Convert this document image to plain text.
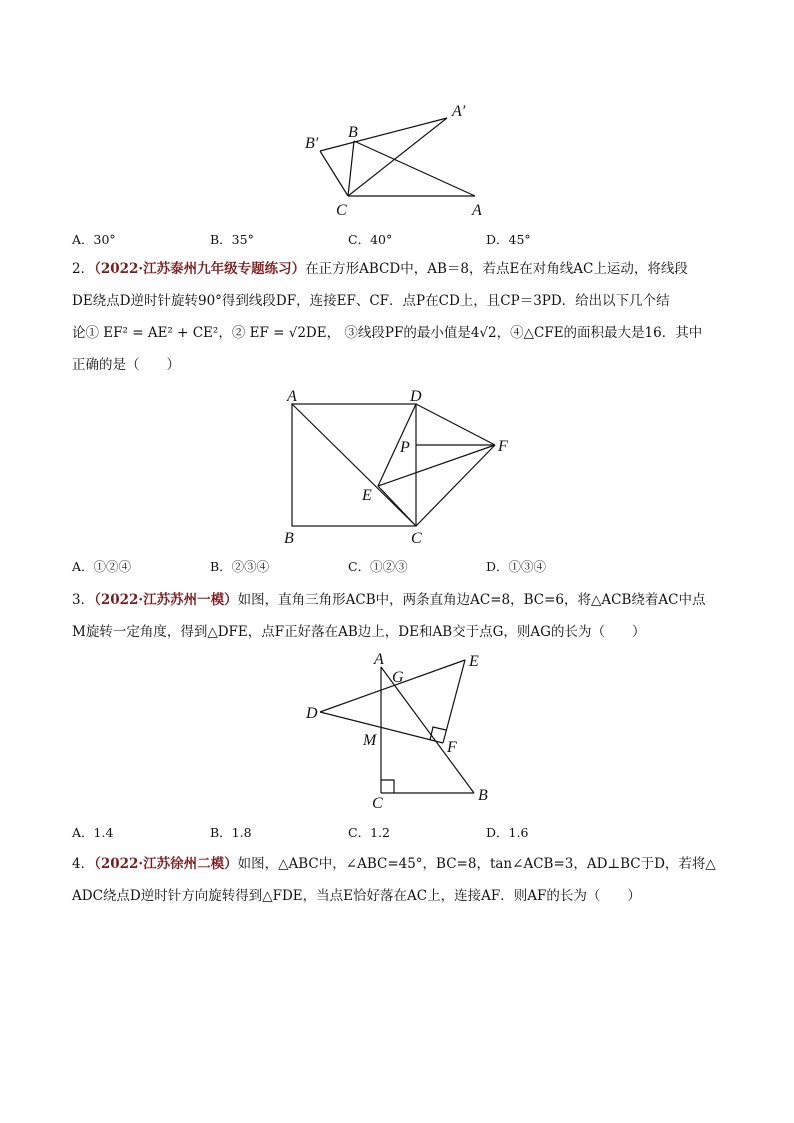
B′
B
A′
C	A
A．30°	B．35°	C．40°	D．45°
2．（2022·江苏泰州九年级专题练习）在正方形ABCD中，AB＝8，若点E在对角线AC上运动，将线段
DE绕点D逆时针旋转90°得到线段DF，连接EF、CF．点P在CD上，且CP＝3PD．给出以下几个结
论① EF² = AE² + CE²，② EF = √2DE， ③线段PF的最小值是4√2，④△CFE的面积最大是16．其中
正确的是（　　）
A	D
P	F
E
B	C
A．①②④	B．②③④	C．①②③	D．①③④
3．（2022·江苏苏州一模）如图，直角三角形ACB中，两条直角边AC=8，BC=6，将△ACB绕着AC中点
M旋转一定角度，得到△DFE，点F正好落在AB边上，DE和AB交于点G，则AG的长为（　　）
A
G
E
D
M	F
C	B
A．1.4	B．1.8	C．1.2	D．1.6
4．（2022·江苏徐州二模）如图，△ABC中，∠ABC=45°，BC=8，tan∠ACB=3，AD⊥BC于D，若将△
ADC绕点D逆时针方向旋转得到△FDE，当点E恰好落在AC上，连接AF．则AF的长为（　　）
